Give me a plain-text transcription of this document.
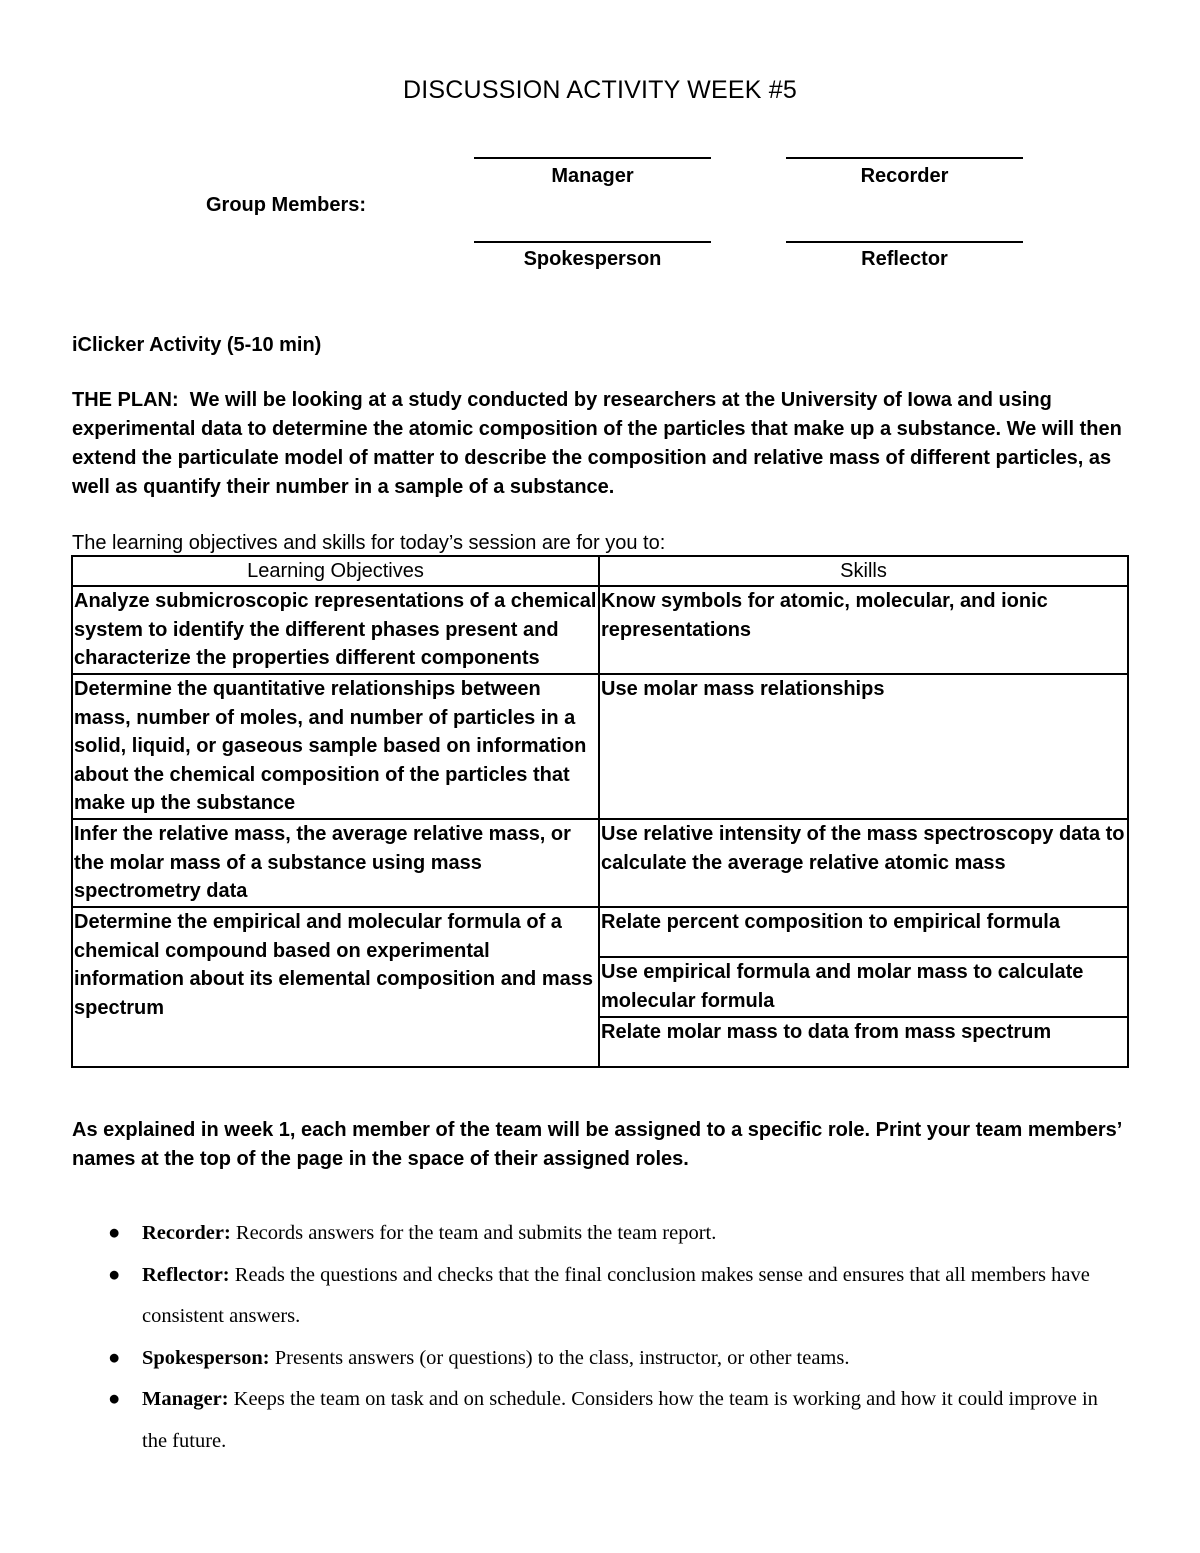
DISCUSSION ACTIVITY WEEK #5
Manager	Recorder
Group Members:
Spokesperson	Reflector
iClicker Activity (5-10 min)
THE PLAN: We will be looking at a study conducted by researchers at the University of Iowa and using experimental data to determine the atomic composition of the particles that make up a substance. We will then extend the particulate model of matter to describe the composition and relative mass of different particles, as well as quantify their number in a sample of a substance.
The learning objectives and skills for today’s session are for you to:
Learning Objectives	Skills
Analyze submicroscopic representations of a chemical system to identify the different phases present and characterize the properties different components	Know symbols for atomic, molecular, and ionic representations
Determine the quantitative relationships between mass, number of moles, and number of particles in a solid, liquid, or gaseous sample based on information about the chemical composition of the particles that make up the substance	Use molar mass relationships
Infer the relative mass, the average relative mass, or the molar mass of a substance using mass spectrometry data	Use relative intensity of the mass spectroscopy data to calculate the average relative atomic mass
Determine the empirical and molecular formula of a chemical compound based on experimental information about its elemental composition and mass spectrum	Relate percent composition to empirical formula
	Use empirical formula and molar mass to calculate molecular formula
	Relate molar mass to data from mass spectrum
As explained in week 1, each member of the team will be assigned to a specific role. Print your team members’ names at the top of the page in the space of their assigned roles.
● Recorder: Records answers for the team and submits the team report.
● Reflector: Reads the questions and checks that the final conclusion makes sense and ensures that all members have consistent answers.
● Spokesperson: Presents answers (or questions) to the class, instructor, or other teams.
● Manager: Keeps the team on task and on schedule. Considers how the team is working and how it could improve in the future.
